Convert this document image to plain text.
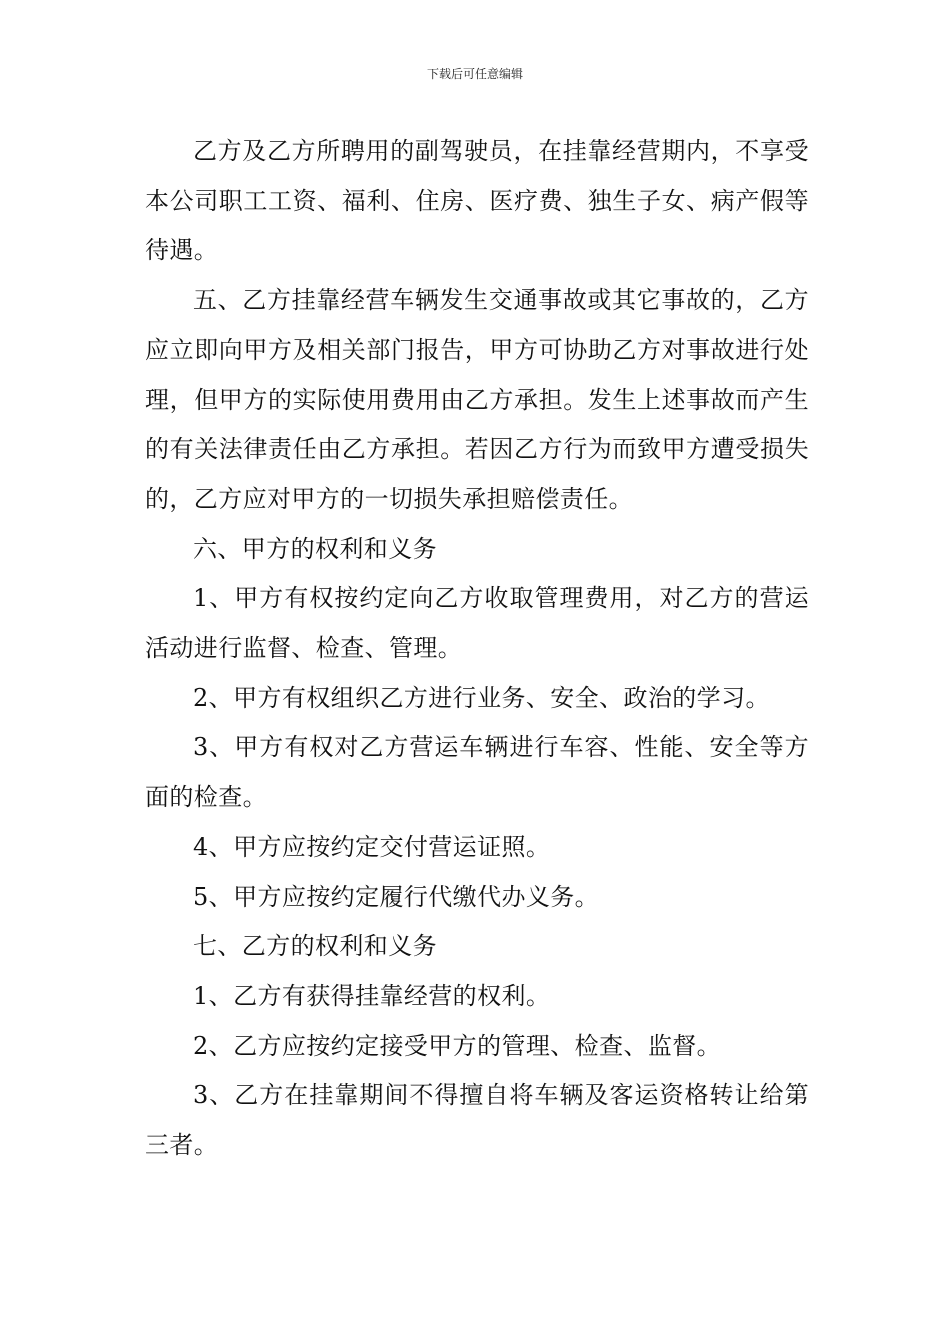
下载后可任意编辑

乙方及乙方所聘用的副驾驶员，在挂靠经营期内，不享受本公司职工工资、福利、住房、医疗费、独生子女、病产假等待遇。

五、乙方挂靠经营车辆发生交通事故或其它事故的，乙方应立即向甲方及相关部门报告，甲方可协助乙方对事故进行处理，但甲方的实际使用费用由乙方承担。发生上述事故而产生的有关法律责任由乙方承担。若因乙方行为而致甲方遭受损失的，乙方应对甲方的一切损失承担赔偿责任。

六、甲方的权利和义务

1、甲方有权按约定向乙方收取管理费用，对乙方的营运活动进行监督、检查、管理。

2、甲方有权组织乙方进行业务、安全、政治的学习。

3、甲方有权对乙方营运车辆进行车容、性能、安全等方面的检查。

4、甲方应按约定交付营运证照。

5、甲方应按约定履行代缴代办义务。

七、乙方的权利和义务

1、乙方有获得挂靠经营的权利。

2、乙方应按约定接受甲方的管理、检查、监督。

3、乙方在挂靠期间不得擅自将车辆及客运资格转让给第三者。
